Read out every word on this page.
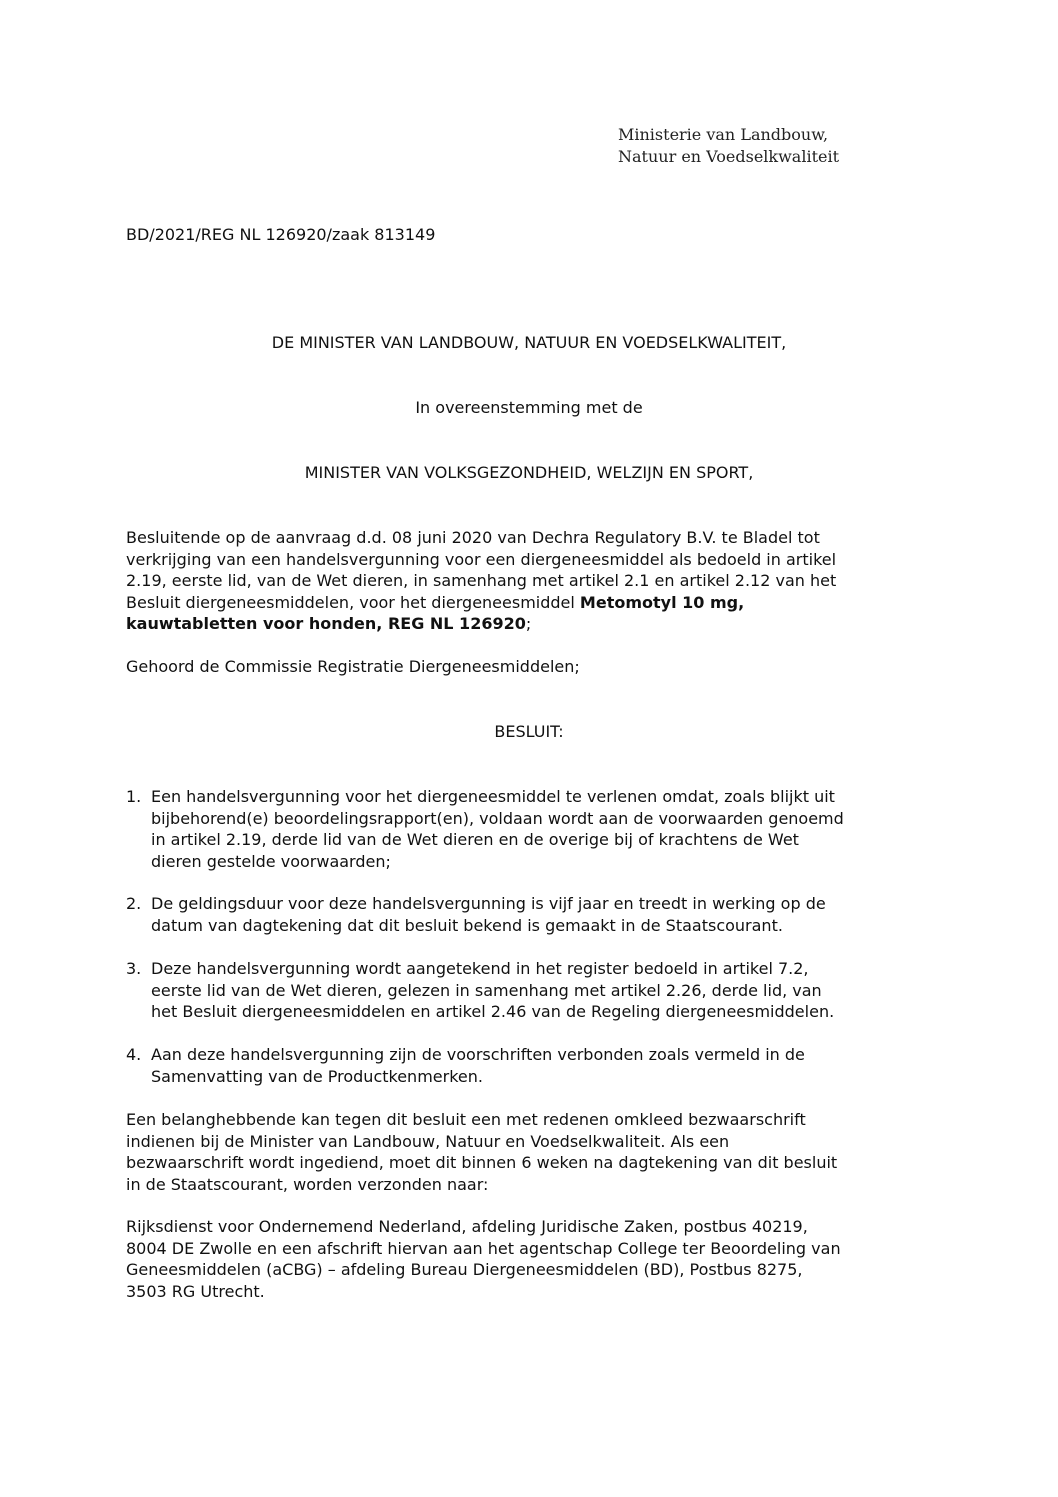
Ministerie van Landbouw,
Natuur en Voedselkwaliteit
BD/2021/REG NL 126920/zaak 813149
DE MINISTER VAN LANDBOUW, NATUUR EN VOEDSELKWALITEIT,
In overeenstemming met de
MINISTER VAN VOLKSGEZONDHEID, WELZIJN EN SPORT,
Besluitende op de aanvraag d.d. 08 juni 2020 van Dechra Regulatory B.V. te Bladel tot
verkrijging van een handelsvergunning voor een diergeneesmiddel als bedoeld in artikel
2.19, eerste lid, van de Wet dieren, in samenhang met artikel 2.1 en artikel 2.12 van het
Besluit diergeneesmiddelen, voor het diergeneesmiddel Metomotyl 10 mg,
kauwtabletten voor honden, REG NL 126920;
Gehoord de Commissie Registratie Diergeneesmiddelen;
BESLUIT:
1. Een handelsvergunning voor het diergeneesmiddel te verlenen omdat, zoals blijkt uit
bijbehorend(e) beoordelingsrapport(en), voldaan wordt aan de voorwaarden genoemd
in artikel 2.19, derde lid van de Wet dieren en de overige bij of krachtens de Wet
dieren gestelde voorwaarden;
2. De geldingsduur voor deze handelsvergunning is vijf jaar en treedt in werking op de
datum van dagtekening dat dit besluit bekend is gemaakt in de Staatscourant.
3. Deze handelsvergunning wordt aangetekend in het register bedoeld in artikel 7.2,
eerste lid van de Wet dieren, gelezen in samenhang met artikel 2.26, derde lid, van
het Besluit diergeneesmiddelen en artikel 2.46 van de Regeling diergeneesmiddelen.
4. Aan deze handelsvergunning zijn de voorschriften verbonden zoals vermeld in de
Samenvatting van de Productkenmerken.
Een belanghebbende kan tegen dit besluit een met redenen omkleed bezwaarschrift
indienen bij de Minister van Landbouw, Natuur en Voedselkwaliteit. Als een
bezwaarschrift wordt ingediend, moet dit binnen 6 weken na dagtekening van dit besluit
in de Staatscourant, worden verzonden naar:
Rijksdienst voor Ondernemend Nederland, afdeling Juridische Zaken, postbus 40219,
8004 DE Zwolle en een afschrift hiervan aan het agentschap College ter Beoordeling van
Geneesmiddelen (aCBG) – afdeling Bureau Diergeneesmiddelen (BD), Postbus 8275,
3503 RG Utrecht.
